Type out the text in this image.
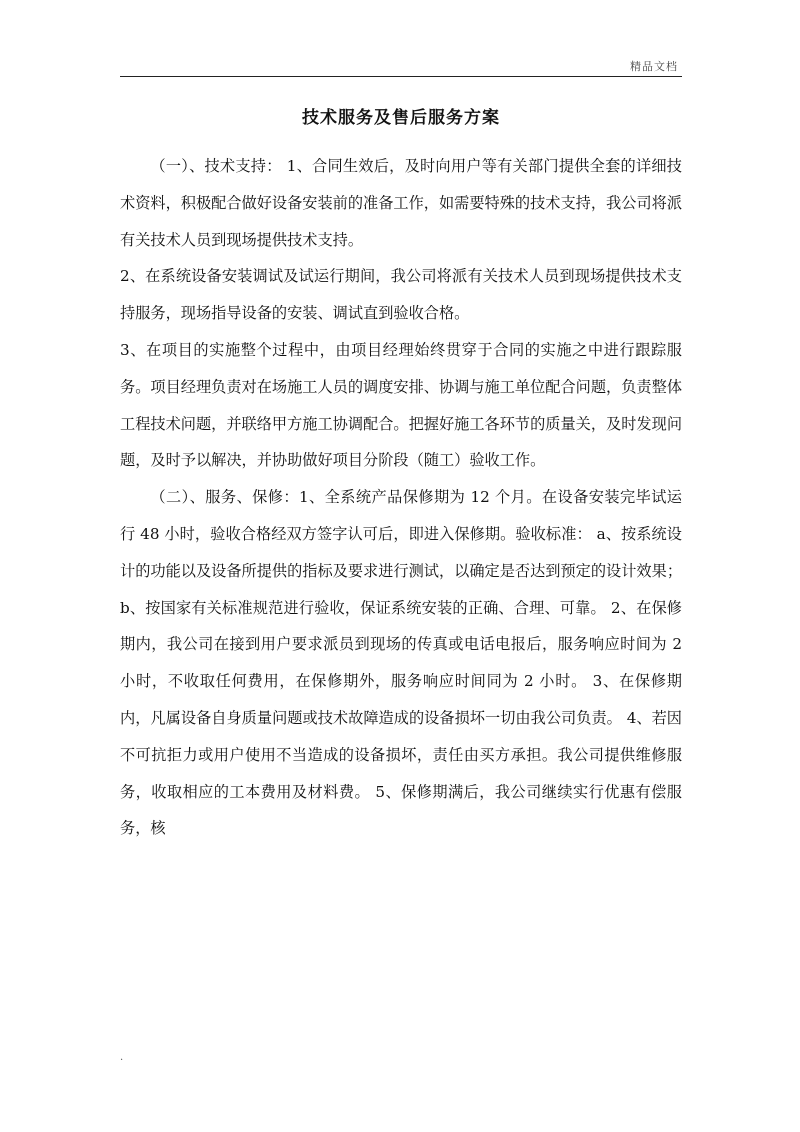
精品文档
技术服务及售后服务方案

（一）、技术支持： 1、合同生效后，及时向用户等有关部门提供全套的详细技术资料，积极配合做好设备安装前的准备工作，如需要特殊的技术支持，我公司将派有关技术人员到现场提供技术支持。

2、在系统设备安装调试及试运行期间，我公司将派有关技术人员到现场提供技术支持服务，现场指导设备的安装、调试直到验收合格。

3、在项目的实施整个过程中，由项目经理始终贯穿于合同的实施之中进行跟踪服务。项目经理负责对在场施工人员的调度安排、协调与施工单位配合问题，负责整体工程技术问题，并联络甲方施工协调配合。把握好施工各环节的质量关，及时发现问题，及时予以解决，并协助做好项目分阶段（随工）验收工作。

（二）、服务、保修：1、全系统产品保修期为 12 个月。在设备安装完毕试运行 48 小时，验收合格经双方签字认可后，即进入保修期。验收标准： a、按系统设计的功能以及设备所提供的指标及要求进行测试，以确定是否达到预定的设计效果； b、按国家有关标准规范进行验收，保证系统安装的正确、合理、可靠。 2、在保修期内，我公司在接到用户要求派员到现场的传真或电话电报后，服务响应时间为 2 小时，不收取任何费用，在保修期外，服务响应时间同为 2 小时。 3、在保修期内，凡属设备自身质量问题或技术故障造成的设备损坏一切由我公司负责。 4、若因不可抗拒力或用户使用不当造成的设备损坏，责任由买方承担。我公司提供维修服务，收取相应的工本费用及材料费。 5、保修期满后，我公司继续实行优惠有偿服务，核

.
